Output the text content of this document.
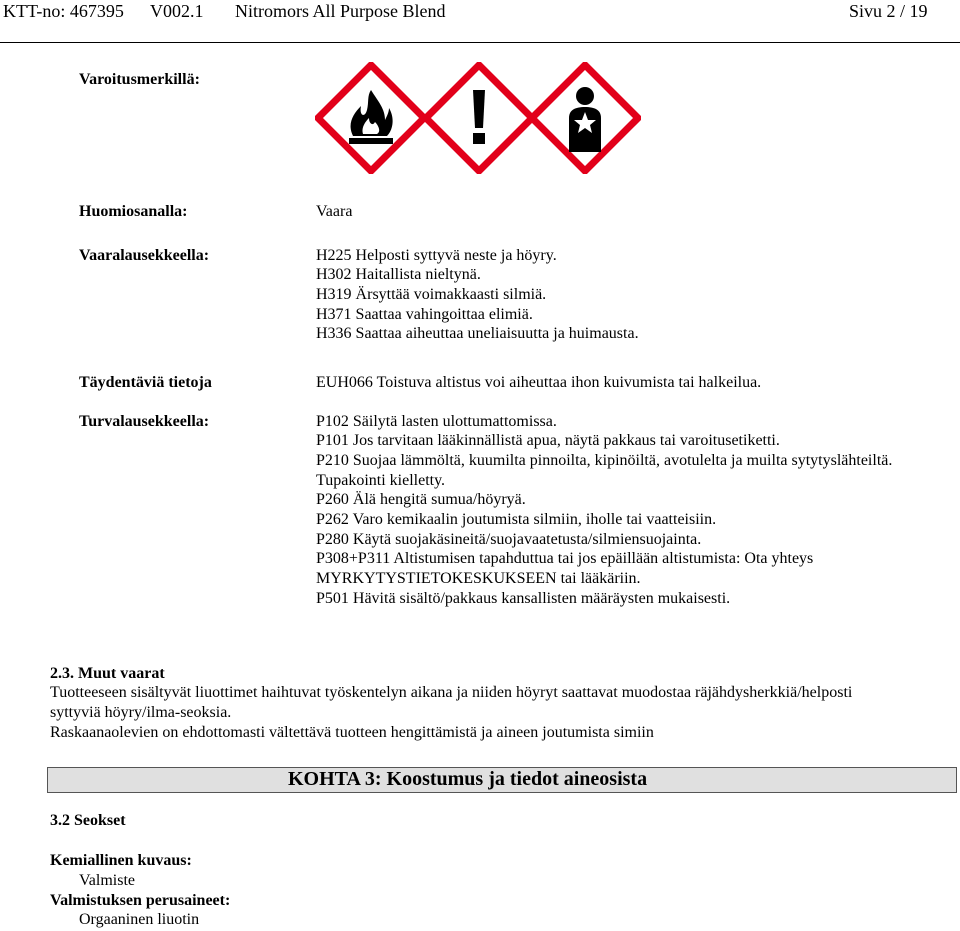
KTT-no: 467395 V002.1 Nitromors All Purpose Blend	Sivu 2 / 19
Varoitusmerkillä:
Huomiosanalla:
Vaaralausekkeella:
Täydentäviä tietoja
Turvalausekkeella:
Vaara
H225 Helposti syttyvä neste ja höyry.
H302 Haitallista nieltynä.
H319 Ärsyttää voimakkaasti silmiä.
H371 Saattaa vahingoittaa elimiä.
H336 Saattaa aiheuttaa uneliaisuutta ja huimausta.
EUH066 Toistuva altistus voi aiheuttaa ihon kuivumista tai halkeilua.
P102 Säilytä lasten ulottumattomissa.
P101 Jos tarvitaan lääkinnällistä apua, näytä pakkaus tai varoitusetiketti.
P210 Suojaa lämmöltä, kuumilta pinnoilta, kipinöiltä, avotulelta ja muilta sytytyslähteiltä.
Tupakointi kielletty.
P260 Älä hengitä sumua/höyryä.
P262 Varo kemikaalin joutumista silmiin, iholle tai vaatteisiin.
P280 Käytä suojakäsineitä/suojavaatetusta/silmiensuojainta.
P308+P311 Altistumisen tapahduttua tai jos epäillään altistumista: Ota yhteys
MYRKYTYSTIETOKESKUKSEEN tai lääkäriin.
P501 Hävitä sisältö/pakkaus kansallisten määräysten mukaisesti.
2.3. Muut vaarat
Tuotteeseen sisältyvät liuottimet haihtuvat työskentelyn aikana ja niiden höyryt saattavat muodostaa räjähdysherkkiä/helposti
syttyviä höyry/ilma-seoksia.
Raskaanaolevien on ehdottomasti vältettävä tuotteen hengittämistä ja aineen joutumista simiin
KOHTA 3: Koostumus ja tiedot aineosista
3.2 Seokset
Kemiallinen kuvaus:
Valmiste
Valmistuksen perusaineet:
Orgaaninen liuotin
